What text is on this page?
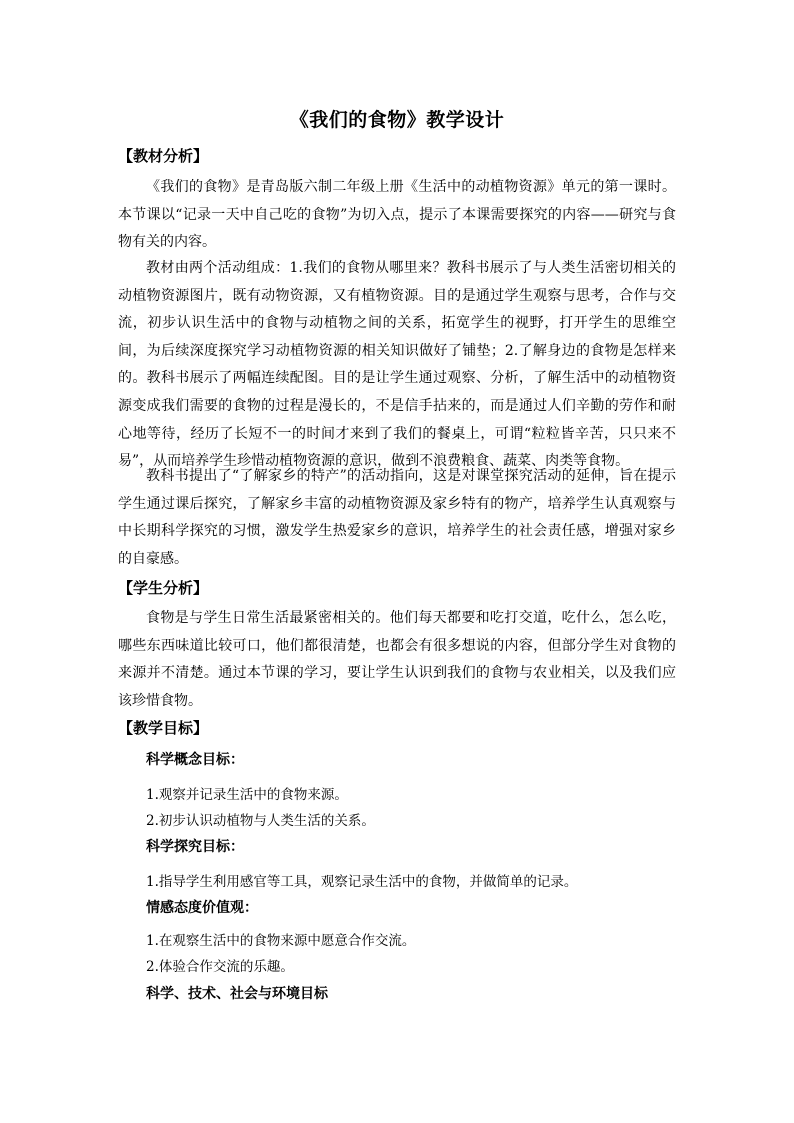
《我们的食物》教学设计
【教材分析】
《我们的食物》是青岛版六制二年级上册《生活中的动植物资源》单元的第一课时。本节课以“记录一天中自己吃的食物”为切入点，提示了本课需要探究的内容——研究与食物有关的内容。
教材由两个活动组成：1.我们的食物从哪里来？教科书展示了与人类生活密切相关的动植物资源图片，既有动物资源，又有植物资源。目的是通过学生观察与思考，合作与交流，初步认识生活中的食物与动植物之间的关系，拓宽学生的视野，打开学生的思维空间，为后续深度探究学习动植物资源的相关知识做好了铺垫；2.了解身边的食物是怎样来的。教科书展示了两幅连续配图。目的是让学生通过观察、分析，了解生活中的动植物资源变成我们需要的食物的过程是漫长的，不是信手拈来的，而是通过人们辛勤的劳作和耐心地等待，经历了长短不一的时间才来到了我们的餐桌上，可谓“粒粒皆辛苦，只只来不易”，从而培养学生珍惜动植物资源的意识，做到不浪费粮食、蔬菜、肉类等食物。
教科书提出了“了解家乡的特产”的活动指向，这是对课堂探究活动的延伸，旨在提示学生通过课后探究，了解家乡丰富的动植物资源及家乡特有的物产，培养学生认真观察与中长期科学探究的习惯，激发学生热爱家乡的意识，培养学生的社会责任感，增强对家乡的自豪感。
【学生分析】
食物是与学生日常生活最紧密相关的。他们每天都要和吃打交道，吃什么，怎么吃，哪些东西味道比较可口，他们都很清楚，也都会有很多想说的内容，但部分学生对食物的来源并不清楚。通过本节课的学习，要让学生认识到我们的食物与农业相关，以及我们应该珍惜食物。
【教学目标】
科学概念目标：
1.观察并记录生活中的食物来源。
2.初步认识动植物与人类生活的关系。
科学探究目标：
1.指导学生利用感官等工具，观察记录生活中的食物，并做简单的记录。
情感态度价值观：
1.在观察生活中的食物来源中愿意合作交流。
2.体验合作交流的乐趣。
科学、技术、社会与环境目标
